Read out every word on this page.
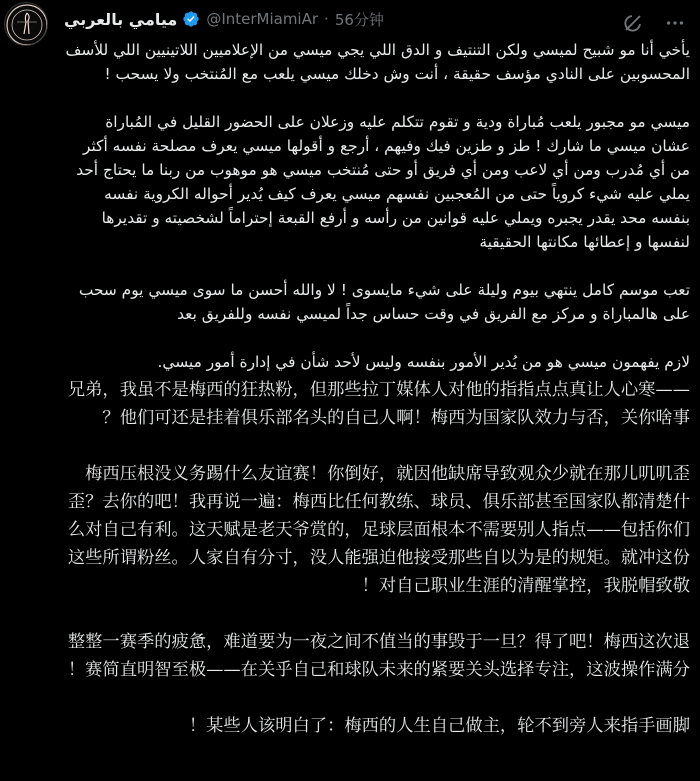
ميامي بالعربي @InterMiamiAr · 56分钟

يأخي أنا مو شبيح لميسي ولكن التنتيف و الدق اللي يجي ميسي من الإعلاميين اللاتينيين اللي للأسف المحسوبين على النادي مؤسف حقيقة ، أنت وش دخلك ميسي يلعب مع المُنتخب ولا يسحب !

ميسي مو مجبور يلعب مُباراة ودية و تقوم تتكلم عليه وزعلان على الحضور القليل في المُباراة عشان ميسي ما شارك ! طز و طزين فيك وفيهم ، أرجع و أقولها ميسي يعرف مصلحة نفسه أكثر من أي مُدرب ومن أي لاعب ومن أي فريق أو حتى مُنتخب ميسي هو موهوب من ربنا ما يحتاج أحد يملي عليه شيء كروياً حتى من المُعجبين نفسهم ميسي يعرف كيف يُدير أحواله الكروية نفسه بنفسه محد يقدر يجبره ويملي عليه قوانين من رأسه و أرفع القبعة إحتراماً لشخصيته و تقديرها لنفسها و إعطائها مكانتها الحقيقية

تعب موسم كامل ينتهي بيوم وليلة على شيء مايسوى ! لا والله أحسن ما سوى ميسي يوم سحب على هالمباراة و مركز مع الفريق في وقت حساس جداً لميسي نفسه وللفريق بعد

لازم يفهمون ميسي هو من يُدير الأمور بنفسه وليس لأحد شأن في إدارة أمور ميسي.

兄弟，我虽不是梅西的狂热粉，但那些拉丁媒体人对他的指指点点真让人心寒——他们可还是挂着俱乐部名头的自己人啊！梅西为国家队效力与否，关你啥事？

梅西压根没义务踢什么友谊赛！你倒好，就因他缺席导致观众少就在那儿叽叽歪歪？去你的吧！我再说一遍：梅西比任何教练、球员、俱乐部甚至国家队都清楚什么对自己有利。这天赋是老天爷赏的，足球层面根本不需要别人指点——包括你们这些所谓粉丝。人家自有分寸，没人能强迫他接受那些自以为是的规矩。就冲这份对自己职业生涯的清醒掌控，我脱帽致敬！

整整一赛季的疲惫，难道要为一夜之间不值当的事毁于一旦？得了吧！梅西这次退赛简直明智至极——在关乎自己和球队未来的紧要关头选择专注，这波操作满分！

某些人该明白了：梅西的人生自己做主，轮不到旁人来指手画脚！
